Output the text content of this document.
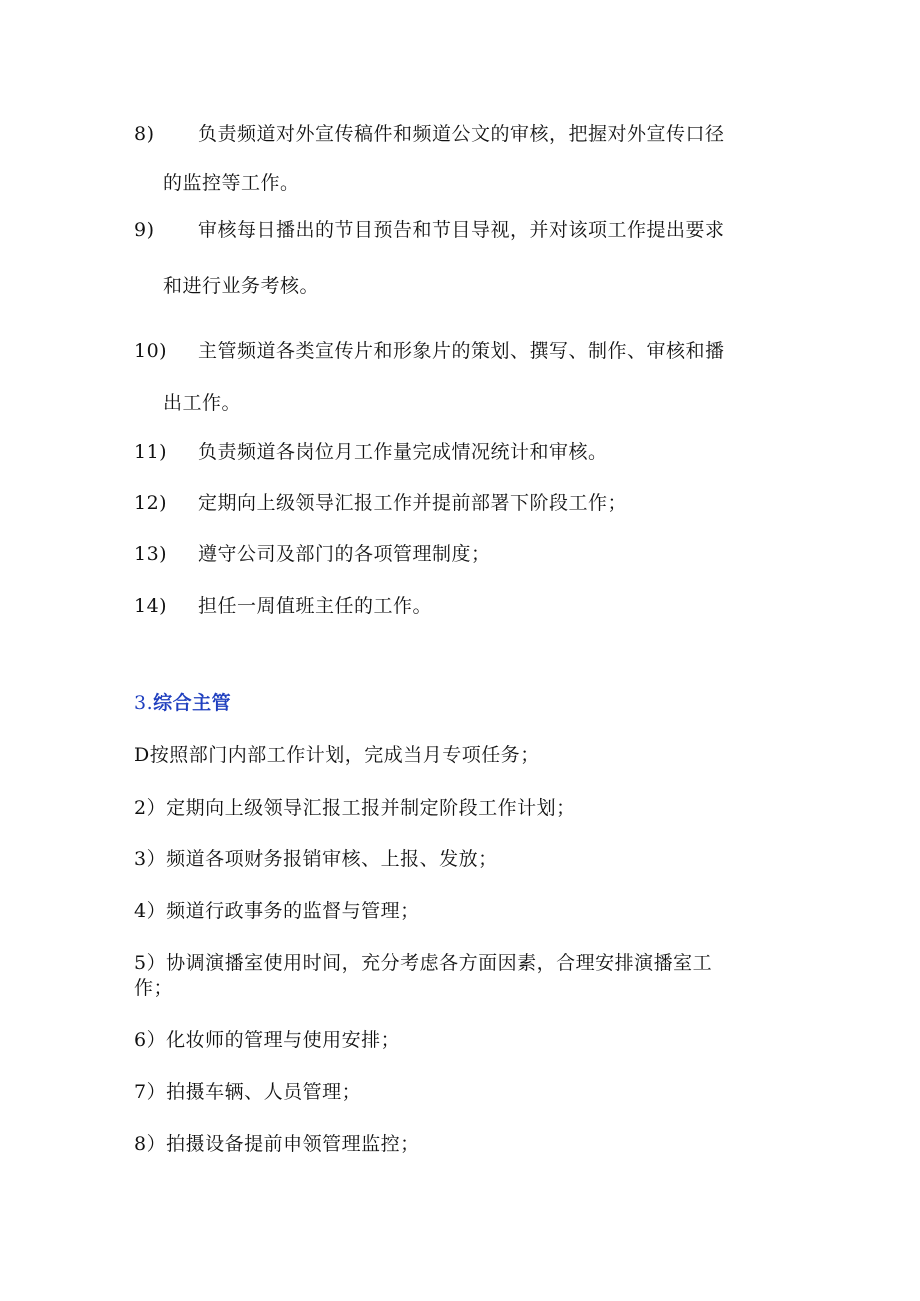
8) 负责频道对外宣传稿件和频道公文的审核，把握对外宣传口径
的监控等工作。
9) 审核每日播出的节目预告和节目导视，并对该项工作提出要求
和进行业务考核。
10) 主管频道各类宣传片和形象片的策划、撰写、制作、审核和播
出工作。
11) 负责频道各岗位月工作量完成情况统计和审核。
12) 定期向上级领导汇报工作并提前部署下阶段工作；
13) 遵守公司及部门的各项管理制度；
14) 担任一周值班主任的工作。
3.综合主管
D按照部门内部工作计划，完成当月专项任务；
2）定期向上级领导汇报工报并制定阶段工作计划；
3）频道各项财务报销审核、上报、发放；
4）频道行政事务的监督与管理；
5）协调演播室使用时间，充分考虑各方面因素，合理安排演播室工
作；
6）化妆师的管理与使用安排；
7）拍摄车辆、人员管理；
8）拍摄设备提前申领管理监控；
